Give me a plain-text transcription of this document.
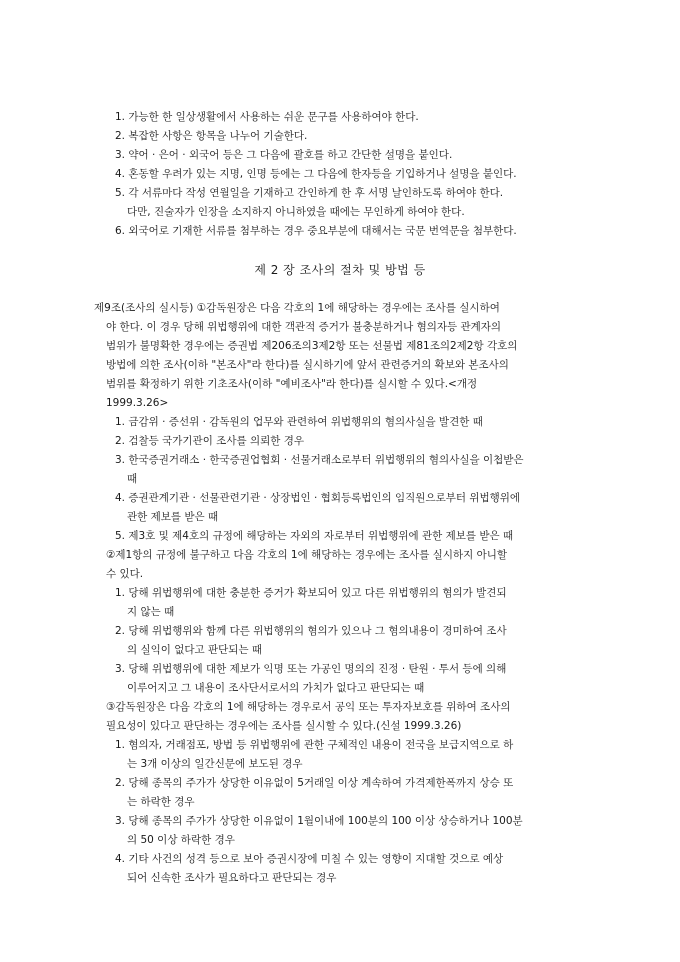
1. 가능한 한 일상생활에서 사용하는 쉬운 문구를 사용하여야 한다.
2. 복잡한 사항은 항목을 나누어 기술한다.
3. 약어 · 은어 · 외국어 등은 그 다음에 괄호를 하고 간단한 설명을 붙인다.
4. 혼동할 우려가 있는 지명, 인명 등에는 그 다음에 한자등을 기입하거나 설명을 붙인다.
5. 각 서류마다 작성 연월일을 기재하고 간인하게 한 후 서명 날인하도록 하여야 한다.
다만, 진술자가 인장을 소지하지 아니하였을 때에는 무인하게 하여야 한다.
6. 외국어로 기재한 서류를 첨부하는 경우 중요부분에 대해서는 국문 번역문을 첨부한다.
제 2 장 조사의 절차 및 방법 등
제9조(조사의 실시등) ①감독원장은 다음 각호의 1에 해당하는 경우에는 조사를 실시하여
야 한다. 이 경우 당해 위법행위에 대한 객관적 증거가 불충분하거나 혐의자등 관계자의
범위가 불명확한 경우에는 증권법 제206조의3제2항 또는 선물법 제81조의2제2항 각호의
방법에 의한 조사(이하 "본조사"라 한다)를 실시하기에 앞서 관련증거의 확보와 본조사의
범위를 확정하기 위한 기초조사(이하 "예비조사"라 한다)를 실시할 수 있다.<개정
1999.3.26>
1. 금감위 · 증선위 · 감독원의 업무와 관련하여 위법행위의 혐의사실을 발견한 때
2. 검찰등 국가기관이 조사를 의뢰한 경우
3. 한국증권거래소 · 한국증권업협회 · 선물거래소로부터 위법행위의 혐의사실을 이첩받은
때
4. 증권관계기관 · 선물관련기관 · 상장법인 · 협회등록법인의 임직원으로부터 위법행위에
관한 제보를 받은 때
5. 제3호 및 제4호의 규정에 해당하는 자외의 자로부터 위법행위에 관한 제보를 받은 때
②제1항의 규정에 불구하고 다음 각호의 1에 해당하는 경우에는 조사를 실시하지 아니할
수 있다.
1. 당해 위법행위에 대한 충분한 증거가 확보되어 있고 다른 위법행위의 혐의가 발견되
지 않는 때
2. 당해 위법행위와 함께 다른 위법행위의 혐의가 있으나 그 혐의내용이 경미하여 조사
의 실익이 없다고 판단되는 때
3. 당해 위법행위에 대한 제보가 익명 또는 가공인 명의의 진정 · 탄원 · 투서 등에 의해
이루어지고 그 내용이 조사단서로서의 가치가 없다고 판단되는 때
③감독원장은 다음 각호의 1에 해당하는 경우로서 공익 또는 투자자보호를 위하여 조사의
필요성이 있다고 판단하는 경우에는 조사를 실시할 수 있다.(신설 1999.3.26)
1. 혐의자, 거래점포, 방법 등 위법행위에 관한 구체적인 내용이 전국을 보급지역으로 하
는 3개 이상의 일간신문에 보도된 경우
2. 당해 종목의 주가가 상당한 이유없이 5거래일 이상 계속하여 가격제한폭까지 상승 또
는 하락한 경우
3. 당해 종목의 주가가 상당한 이유없이 1월이내에 100분의 100 이상 상승하거나 100분
의 50 이상 하락한 경우
4. 기타 사건의 성격 등으로 보아 증권시장에 미칠 수 있는 영향이 지대할 것으로 예상
되어 신속한 조사가 필요하다고 판단되는 경우
